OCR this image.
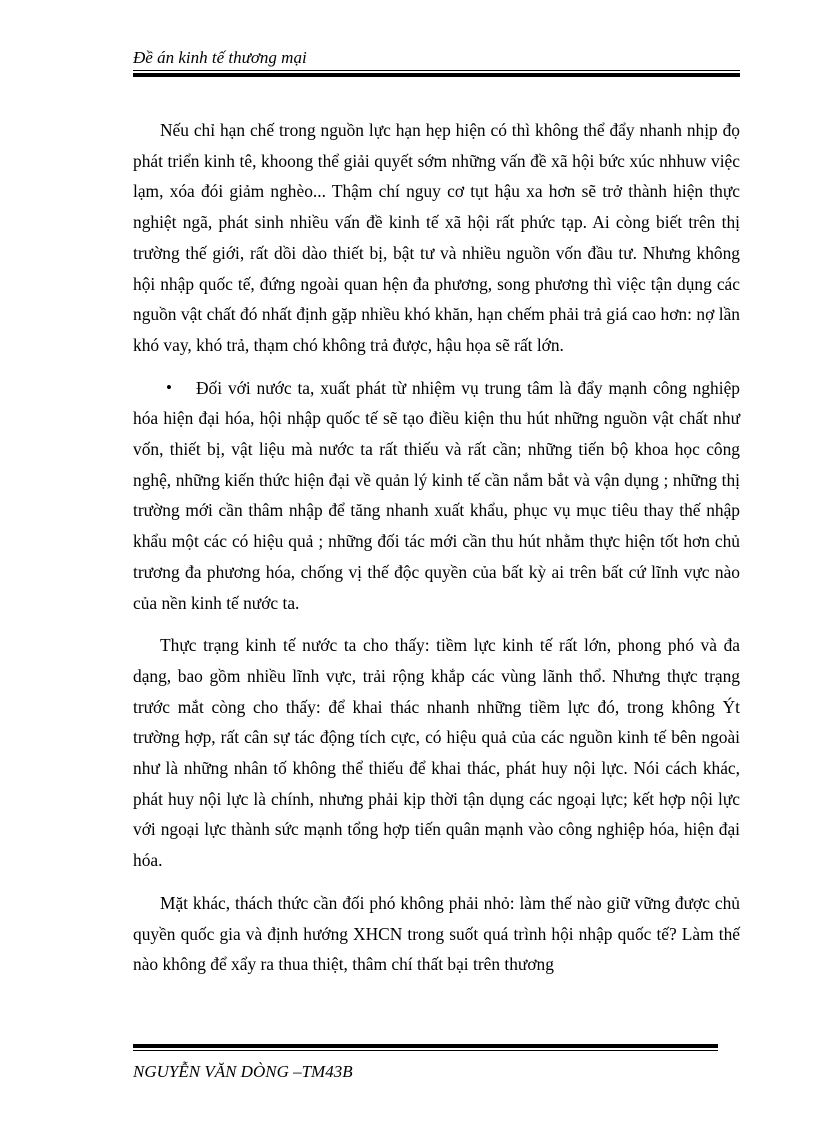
Đề án kinh tế thương mại

Nếu chỉ hạn chế trong nguồn lực hạn hẹp hiện có thì không thể đẩy nhanh nhịp đọ phát triển kinh tê, khoong thể giải quyết sớm những vấn đề xã hội bức xúc nhhuw việc lạm, xóa đói giảm nghèo... Thậm chí nguy cơ tụt hậu xa hơn sẽ trở thành hiện thực nghiệt ngã, phát sinh nhiều vấn đề kinh tế xã hội rất phức tạp. Ai còng biết trên thị trường thế giới, rất dồi dào thiết bị, bật tư và nhiều nguồn vốn đầu tư. Nhưng không hội nhập quốc tế, đứng ngoài quan hện đa phương, song phương thì việc tận dụng các nguồn vật chất đó nhất định gặp nhiều khó khăn, hạn chếm phải trả giá cao hơn: nợ lần khó vay, khó trả, thạm chó không trả được, hậu họa sẽ rất lớn.

• Đối với nước ta, xuất phát từ nhiệm vụ trung tâm là đẩy mạnh công nghiệp hóa hiện đại hóa, hội nhập quốc tế sẽ tạo điều kiện thu hút những nguồn vật chất như vốn, thiết bị, vật liệu mà nước ta rất thiếu và rất cần; những tiến bộ khoa học công nghệ, những kiến thức hiện đại về quản lý kinh tế cần nắm bắt và vận dụng ; những thị trường mới cần thâm nhập để tăng nhanh xuất khẩu, phục vụ mục tiêu thay thế nhập khẩu một các có hiệu quả ; những đối tác mới cần thu hút nhằm thực hiện tốt hơn chủ trương đa phương hóa, chống vị thế độc quyền của bất kỳ ai trên bất cứ lĩnh vực nào của nền kinh tế nước ta.

Thực trạng kinh tế nước ta cho thấy: tiềm lực kinh tế rất lớn, phong phó và đa dạng, bao gồm nhiều lĩnh vực, trải rộng khắp các vùng lãnh thổ. Nhưng thực trạng trước mắt còng cho thấy: để khai thác nhanh những tiềm lực đó, trong không Ýt trường hợp, rất cân sự tác động tích cực, có hiệu quả của các nguồn kinh tế bên ngoài như là những nhân tố không thể thiếu để khai thác, phát huy nội lực. Nói cách khác, phát huy nội lực là chính, nhưng phải kịp thời tận dụng các ngoại lực; kết hợp nội lực với ngoại lực thành sức mạnh tổng hợp tiến quân mạnh vào công nghiệp hóa, hiện đại hóa.

Mặt khác, thách thức cần đối phó không phải nhỏ: làm thế nào giữ vững được chủ quyền quốc gia và định hướng XHCN trong suốt quá trình hội nhập quốc tế? Làm thế nào không để xẩy ra thua thiệt, thâm chí thất bại trên thương

NGUYỄN VĂN DÒNG –TM43B
